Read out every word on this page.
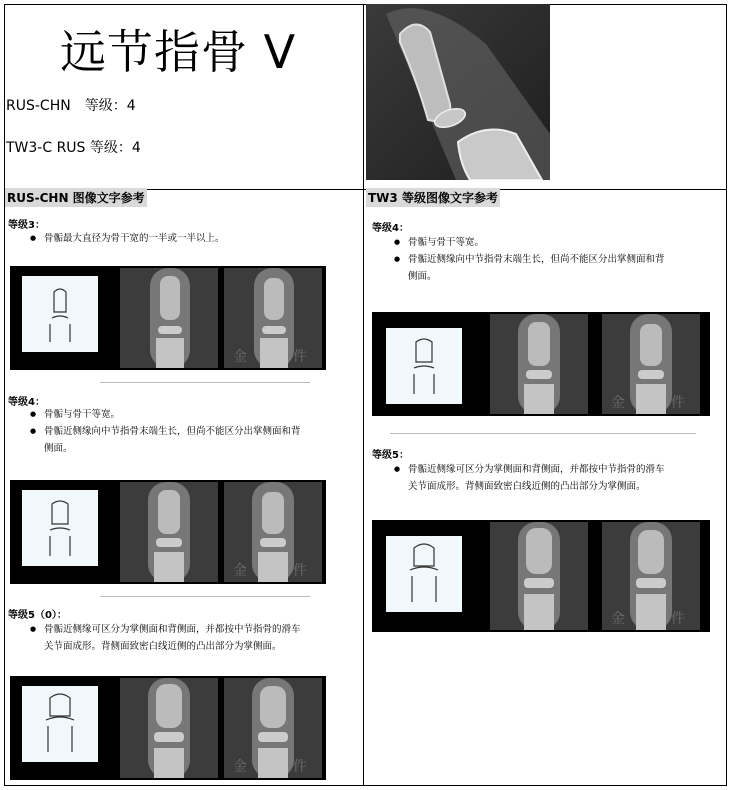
远节指骨 V
RUS-CHN　等级：4
TW3-C RUS 等级：4
RUS-CHN 图像文字参考
等级3：
● 骨骺最大直径为骨干宽的一半或一半以上。
金　软件
等级4：
● 骨骺与骨干等宽。
● 骨骺近侧缘向中节指骨末端生长，但尚不能区分出掌侧面和背
侧面。
金　软件
等级5（0）：
● 骨骺近侧缘可区分为掌侧面和背侧面，并都按中节指骨的滑车
关节面成形。背侧面致密白线近侧的凸出部分为掌侧面。
金　软件
TW3 等级图像文字参考
等级4：
● 骨骺与骨干等宽。
● 骨骺近侧缘向中节指骨末端生长，但尚不能区分出掌侧面和背
侧面。
金　软件
等级5：
● 骨骺近侧缘可区分为掌侧面和背侧面，并都按中节指骨的滑车
关节面成形。背侧面致密白线近侧的凸出部分为掌侧面。
金　软件
